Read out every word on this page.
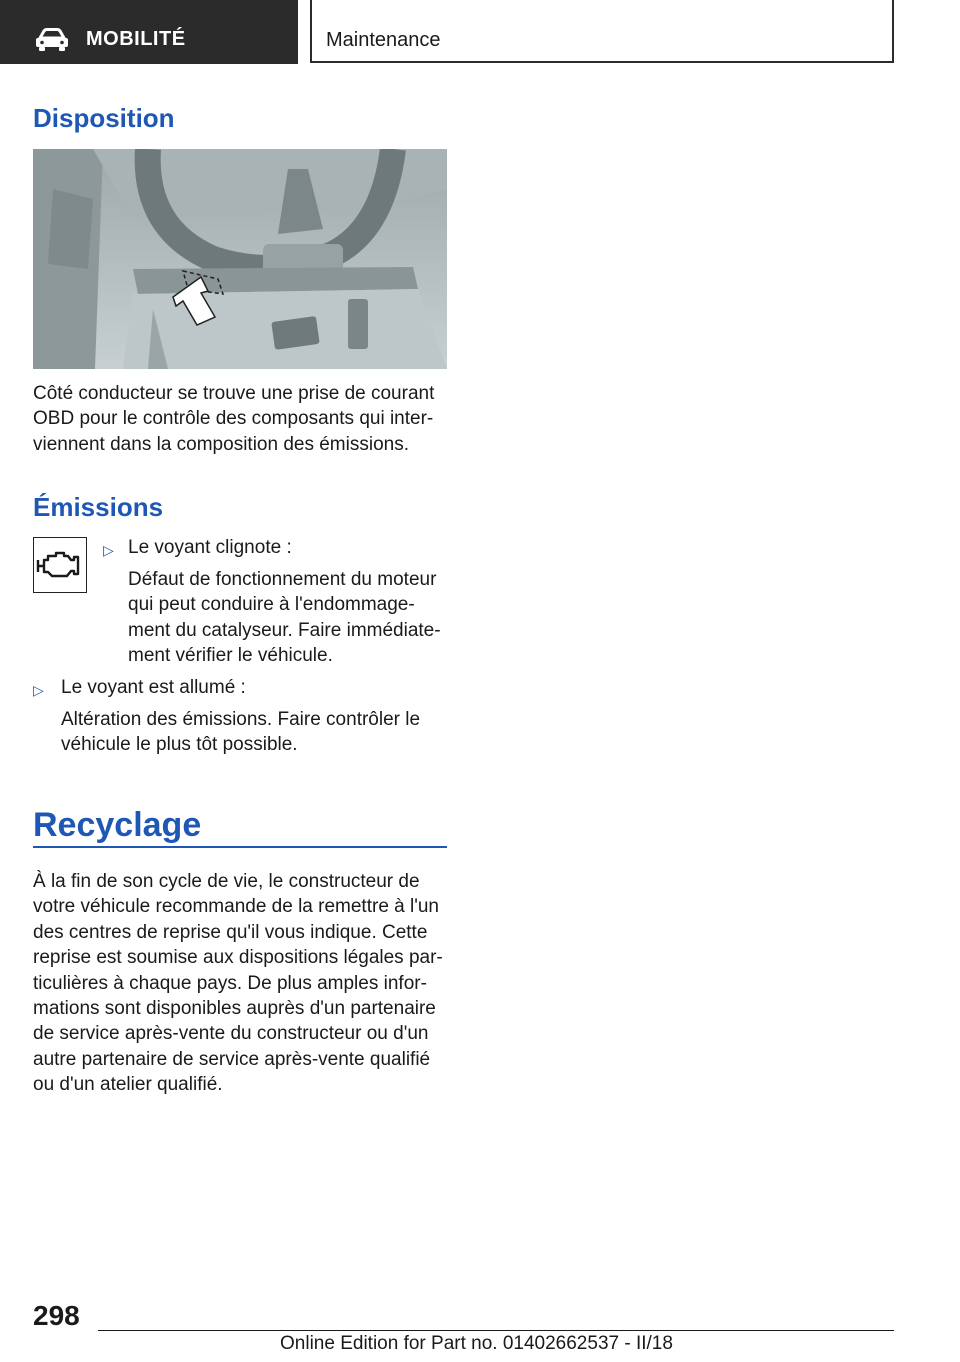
MOBILITÉ	Maintenance
Disposition

Côté conducteur se trouve une prise de courant

OBD pour le contrôle des composants qui inter-

viennent dans la composition des émissions.

Émissions
▷ Le voyant clignote :

Défaut de fonctionnement du moteur

qui peut conduire à l'endommage-

ment du catalyseur. Faire immédiate-

ment vérifier le véhicule.

▷ Le voyant est allumé :

Altération des émissions. Faire contrôler le

véhicule le plus tôt possible.

Recyclage

À la fin de son cycle de vie, le constructeur de

votre véhicule recommande de la remettre à l'un

des centres de reprise qu'il vous indique. Cette

reprise est soumise aux dispositions légales par-

ticulières à chaque pays. De plus amples infor-

mations sont disponibles auprès d'un partenaire

de service après-vente du constructeur ou d'un

autre partenaire de service après-vente qualifié

ou d'un atelier qualifié.

298
Online Edition for Part no. 01402662537 - II/18
